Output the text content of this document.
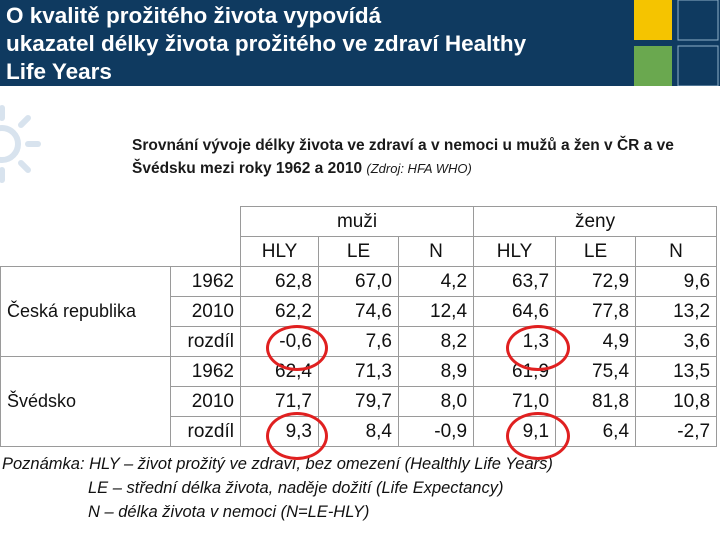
O kvalitě prožitého života vypovídá
ukazatel délky života prožitého ve zdraví Healthy
Life Years
Srovnání vývoje délky života ve zdraví a v nemoci u mužů a žen v ČR a ve Švédsku mezi roky 1962 a 2010 (Zdroj: HFA WHO)
		muži			ženy		
		HLY	LE	N	HLY	LE	N
	1962	62,8	67,0	4,2	63,7	72,9	9,6
Česká republika	2010	62,2	74,6	12,4	64,6	77,8	13,2
	rozdíl	-0,6	7,6	8,2	1,3	4,9	3,6
	1962	62,4	71,3	8,9	61,9	75,4	13,5
Švédsko	2010	71,7	79,7	8,0	71,0	81,8	10,8
	rozdíl	9,3	8,4	-0,9	9,1	6,4	-2,7
Poznámka: HLY – život prožitý ve zdraví, bez omezení (Healthly Life Years)
LE – střední délka života, naděje dožití (Life Expectancy)
N – délka života v nemoci (N=LE-HLY)
